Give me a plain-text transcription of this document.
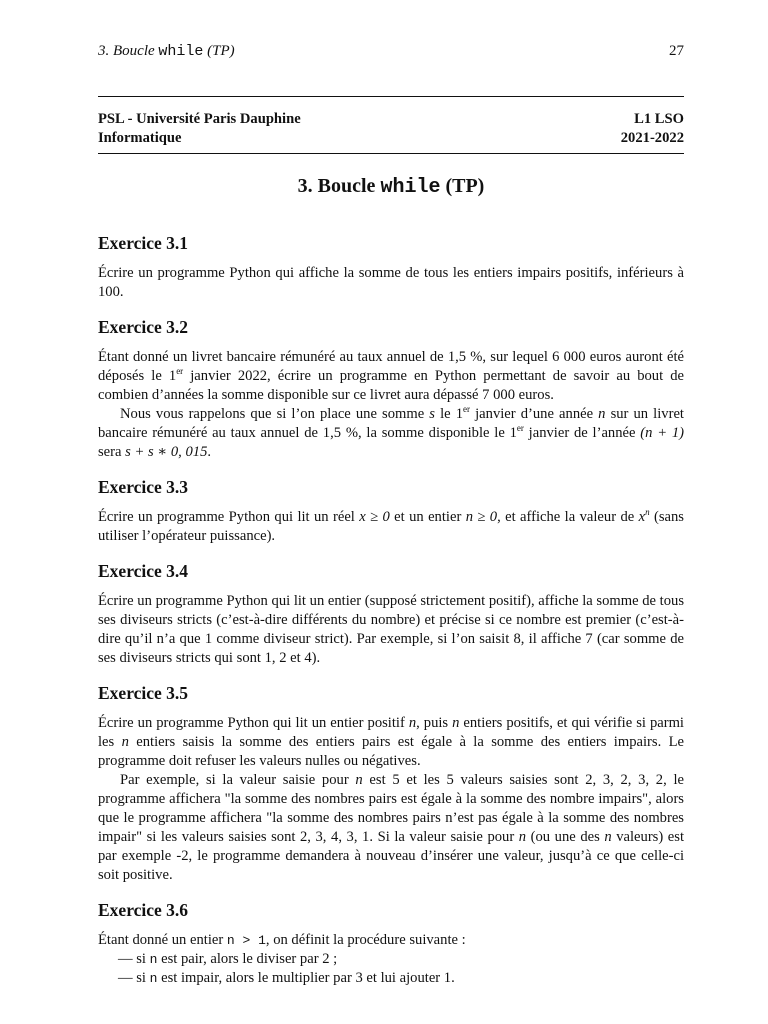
3. Boucle while (TP)	27
PSL - Université Paris Dauphine
Informatique
L1 LSO
2021-2022
3. Boucle while (TP)
Exercice 3.1

Écrire un programme Python qui affiche la somme de tous les entiers impairs positifs, inférieurs à 100.

Exercice 3.2

Étant donné un livret bancaire rémunéré au taux annuel de 1,5 %, sur lequel 6 000 euros auront été déposés le 1er janvier 2022, écrire un programme en Python permettant de savoir au bout de combien d’années la somme disponible sur ce livret aura dépassé 7 000 euros.

Nous vous rappelons que si l’on place une somme s le 1er janvier d’une année n sur un livret bancaire rémunéré au taux annuel de 1,5 %, la somme disponible le 1er janvier de l’année (n + 1) sera s + s ∗ 0, 015.

Exercice 3.3

Écrire un programme Python qui lit un réel x ≥ 0 et un entier n ≥ 0, et affiche la valeur de $x^n$ (sans utiliser l’opérateur puissance).

Exercice 3.4

Écrire un programme Python qui lit un entier (supposé strictement positif), affiche la somme de tous ses diviseurs stricts (c’est-à-dire différents du nombre) et précise si ce nombre est premier (c’est-à-dire qu’il n’a que 1 comme diviseur strict). Par exemple, si l’on saisit 8, il affiche 7 (car somme de ses diviseurs stricts qui sont 1, 2 et 4).

Exercice 3.5

Écrire un programme Python qui lit un entier positif n, puis n entiers positifs, et qui vérifie si parmi les n entiers saisis la somme des entiers pairs est égale à la somme des entiers impairs. Le programme doit refuser les valeurs nulles ou négatives.

Par exemple, si la valeur saisie pour n est 5 et les 5 valeurs saisies sont 2, 3, 2, 3, 2, le programme affichera "la somme des nombres pairs est égale à la somme des nombre impairs", alors que le programme affichera "la somme des nombres pairs n’est pas égale à la somme des nombres impair" si les valeurs saisies sont 2, 3, 4, 3, 1. Si la valeur saisie pour n (ou une des n valeurs) est par exemple -2, le programme demandera à nouveau d’insérer une valeur, jusqu’à ce que celle-ci soit positive.

Exercice 3.6

Étant donné un entier n > 1, on définit la procédure suivante :

— si n est pair, alors le diviser par 2 ;
— si n est impair, alors le multiplier par 3 et lui ajouter 1.
